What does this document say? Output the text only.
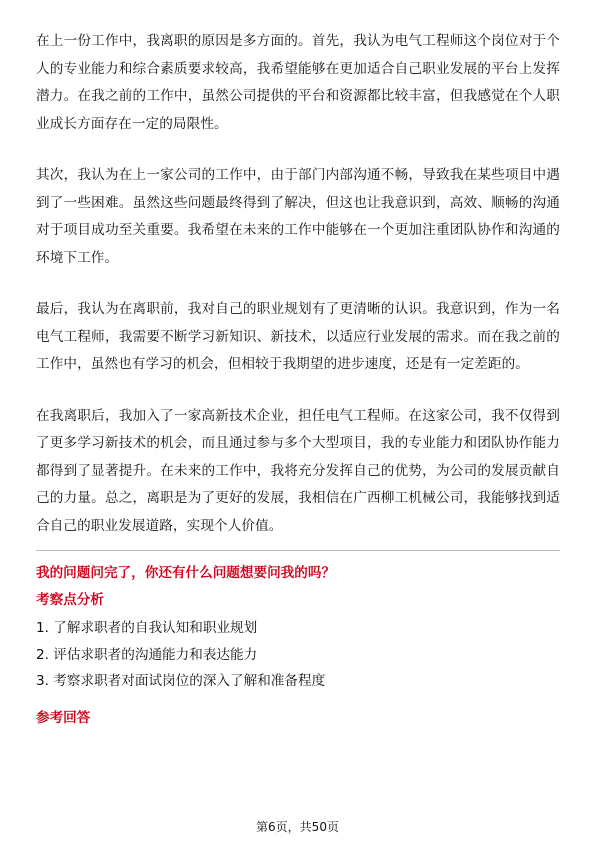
在上一份工作中，我离职的原因是多方面的。首先，我认为电气工程师这个岗位对于个人的专业能力和综合素质要求较高，我希望能够在更加适合自己职业发展的平台上发挥潜力。在我之前的工作中，虽然公司提供的平台和资源都比较丰富，但我感觉在个人职业成长方面存在一定的局限性。

其次，我认为在上一家公司的工作中，由于部门内部沟通不畅，导致我在某些项目中遇到了一些困难。虽然这些问题最终得到了解决，但这也让我意识到，高效、顺畅的沟通对于项目成功至关重要。我希望在未来的工作中能够在一个更加注重团队协作和沟通的环境下工作。

最后，我认为在离职前，我对自己的职业规划有了更清晰的认识。我意识到，作为一名电气工程师，我需要不断学习新知识、新技术，以适应行业发展的需求。而在我之前的工作中，虽然也有学习的机会，但相较于我期望的进步速度，还是有一定差距的。

在我离职后，我加入了一家高新技术企业，担任电气工程师。在这家公司，我不仅得到了更多学习新技术的机会，而且通过参与多个大型项目，我的专业能力和团队协作能力都得到了显著提升。在未来的工作中，我将充分发挥自己的优势，为公司的发展贡献自己的力量。总之，离职是为了更好的发展，我相信在广西柳工机械公司，我能够找到适合自己的职业发展道路，实现个人价值。

我的问题问完了，你还有什么问题想要问我的吗？
考察点分析
1. 了解求职者的自我认知和职业规划
2. 评估求职者的沟通能力和表达能力
3. 考察求职者对面试岗位的深入了解和准备程度
参考回答
第6页，共50页
